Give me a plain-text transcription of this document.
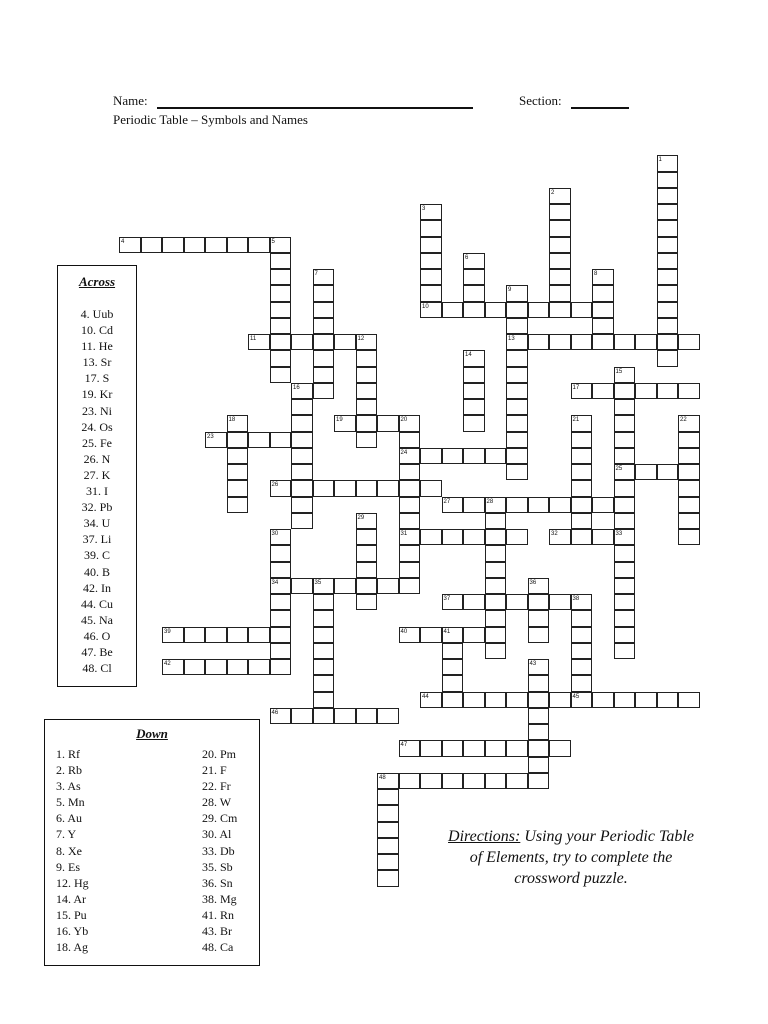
Name:	Section:
Periodic Table – Symbols and Names
1
2
3
10
4	5
6
7	8
9
13
11	12
14
15
25
16	17
18	19	20
24
31
21	22
23
26
27	28
29
30
34
32	33
35	36
37	38
45
39	40	41
42	43
44
46
47
48
Across
4. Uub
10. Cd
11. He
13. Sr
17. S
19. Kr
23. Ni
24. Os
25. Fe
26. N
27. K
31. I
32. Pb
34. U
37. Li
39. C
40. B
42. In
44. Cu
45. Na
46. O
47. Be
48. Cl
Down
1. Rf
2. Rb
3. As
5. Mn
6. Au
7. Y
8. Xe
9. Es
12. Hg
14. Ar
15. Pu
16. Yb
18. Ag
20. Pm
21. F
22. Fr
28. W
29. Cm
30. Al
33. Db
35. Sb
36. Sn
38. Mg
41. Rn
43. Br
48. Ca
Directions: Using your Periodic Table of Elements, try to complete the crossword puzzle.
